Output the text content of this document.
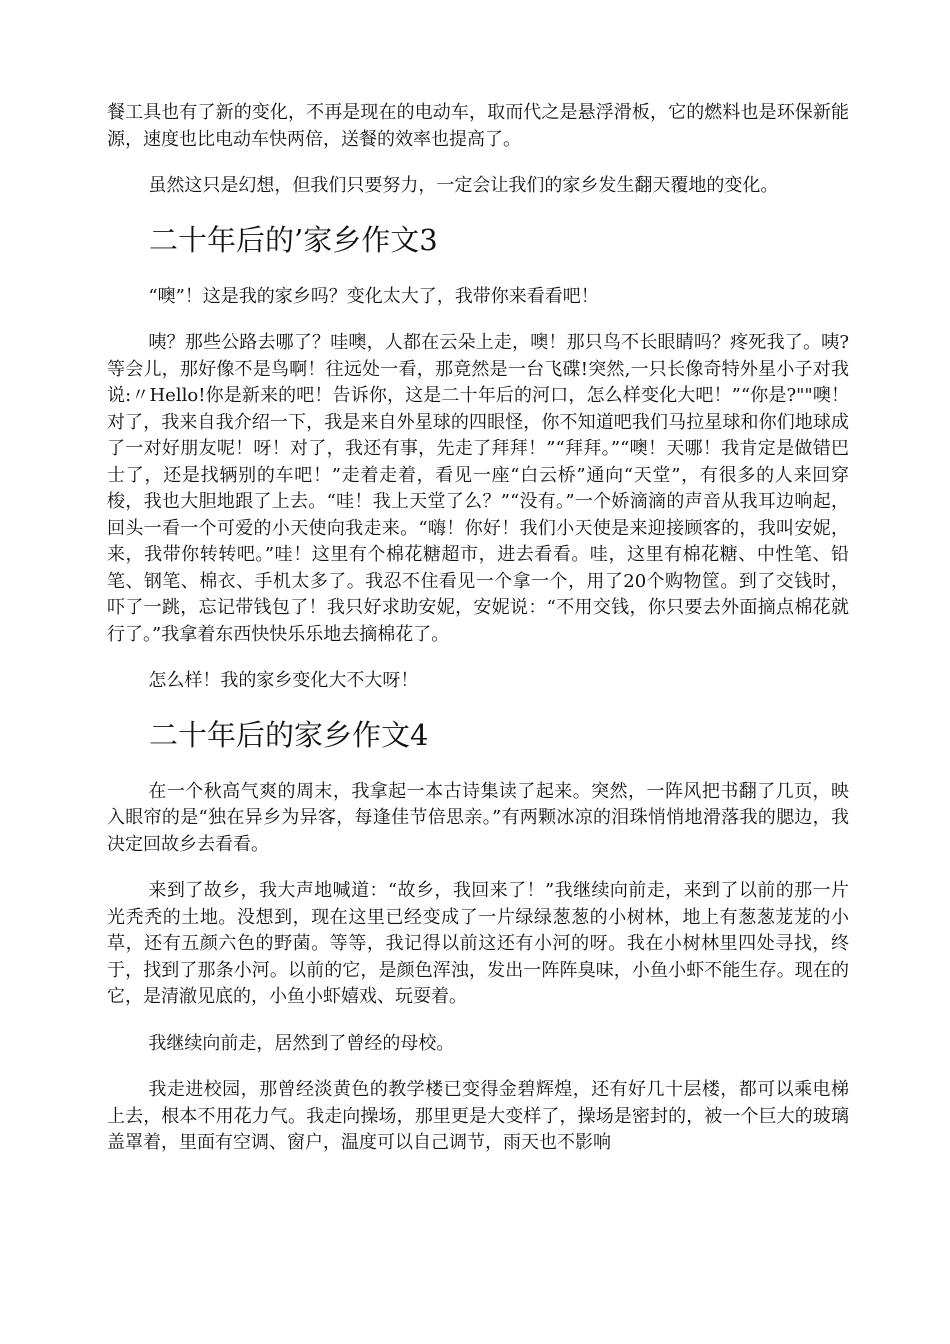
餐工具也有了新的变化，不再是现在的电动车，取而代之是悬浮滑板，它的燃料也是环保新能源，速度也比电动车快两倍，送餐的效率也提高了。

虽然这只是幻想，但我们只要努力，一定会让我们的家乡发生翻天覆地的变化。

二十年后的’家乡作文3

“噢”！这是我的家乡吗？变化太大了，我带你来看看吧！

咦？那些公路去哪了？哇噢，人都在云朵上走，噢！那只鸟不长眼睛吗？疼死我了。咦?等会儿，那好像不是鸟啊！往远处一看，那竟然是一台飞碟!突然,一只长像奇特外星小子对我说:〃Hello!你是新来的吧！告诉你，这是二十年后的河口，怎么样变化大吧！”“你是?""噢！对了，我来自我介绍一下，我是来自外星球的四眼怪，你不知道吧我们马拉星球和你们地球成了一对好朋友呢！呀！对了，我还有事，先走了拜拜！”“拜拜。”“噢！天哪！我肯定是做错巴士了，还是找辆别的车吧！”走着走着，看见一座“白云桥”通向“天堂”，有很多的人来回穿梭，我也大胆地跟了上去。“哇！我上天堂了么？”“没有。”一个娇滴滴的声音从我耳边响起，回头一看一个可爱的小天使向我走来。“嗨！你好！我们小天使是来迎接顾客的，我叫安妮，来，我带你转转吧。”哇！这里有个棉花糖超市，进去看看。哇，这里有棉花糖、中性笔、铅笔、钢笔、棉衣、手机太多了。我忍不住看见一个拿一个，用了20个购物筐。到了交钱时，吓了一跳，忘记带钱包了！我只好求助安妮，安妮说：“不用交钱，你只要去外面摘点棉花就行了。”我拿着东西快快乐乐地去摘棉花了。

怎么样！我的家乡变化大不大呀！

二十年后的家乡作文4

在一个秋高气爽的周末，我拿起一本古诗集读了起来。突然，一阵风把书翻了几页，映入眼帘的是“独在异乡为异客，每逢佳节倍思亲。”有两颗冰凉的泪珠悄悄地滑落我的腮边，我决定回故乡去看看。

来到了故乡，我大声地喊道：“故乡，我回来了！”我继续向前走，来到了以前的那一片光秃秃的土地。没想到，现在这里已经变成了一片绿绿葱葱的小树林，地上有葱葱茏茏的小草，还有五颜六色的野菌。等等，我记得以前这还有小河的呀。我在小树林里四处寻找，终于，找到了那条小河。以前的它，是颜色浑浊，发出一阵阵臭味，小鱼小虾不能生存。现在的它，是清澈见底的，小鱼小虾嬉戏、玩耍着。

我继续向前走，居然到了曾经的母校。

我走进校园，那曾经淡黄色的教学楼已变得金碧辉煌，还有好几十层楼，都可以乘电梯上去，根本不用花力气。我走向操场，那里更是大变样了，操场是密封的，被一个巨大的玻璃盖罩着，里面有空调、窗户，温度可以自己调节，雨天也不影响
